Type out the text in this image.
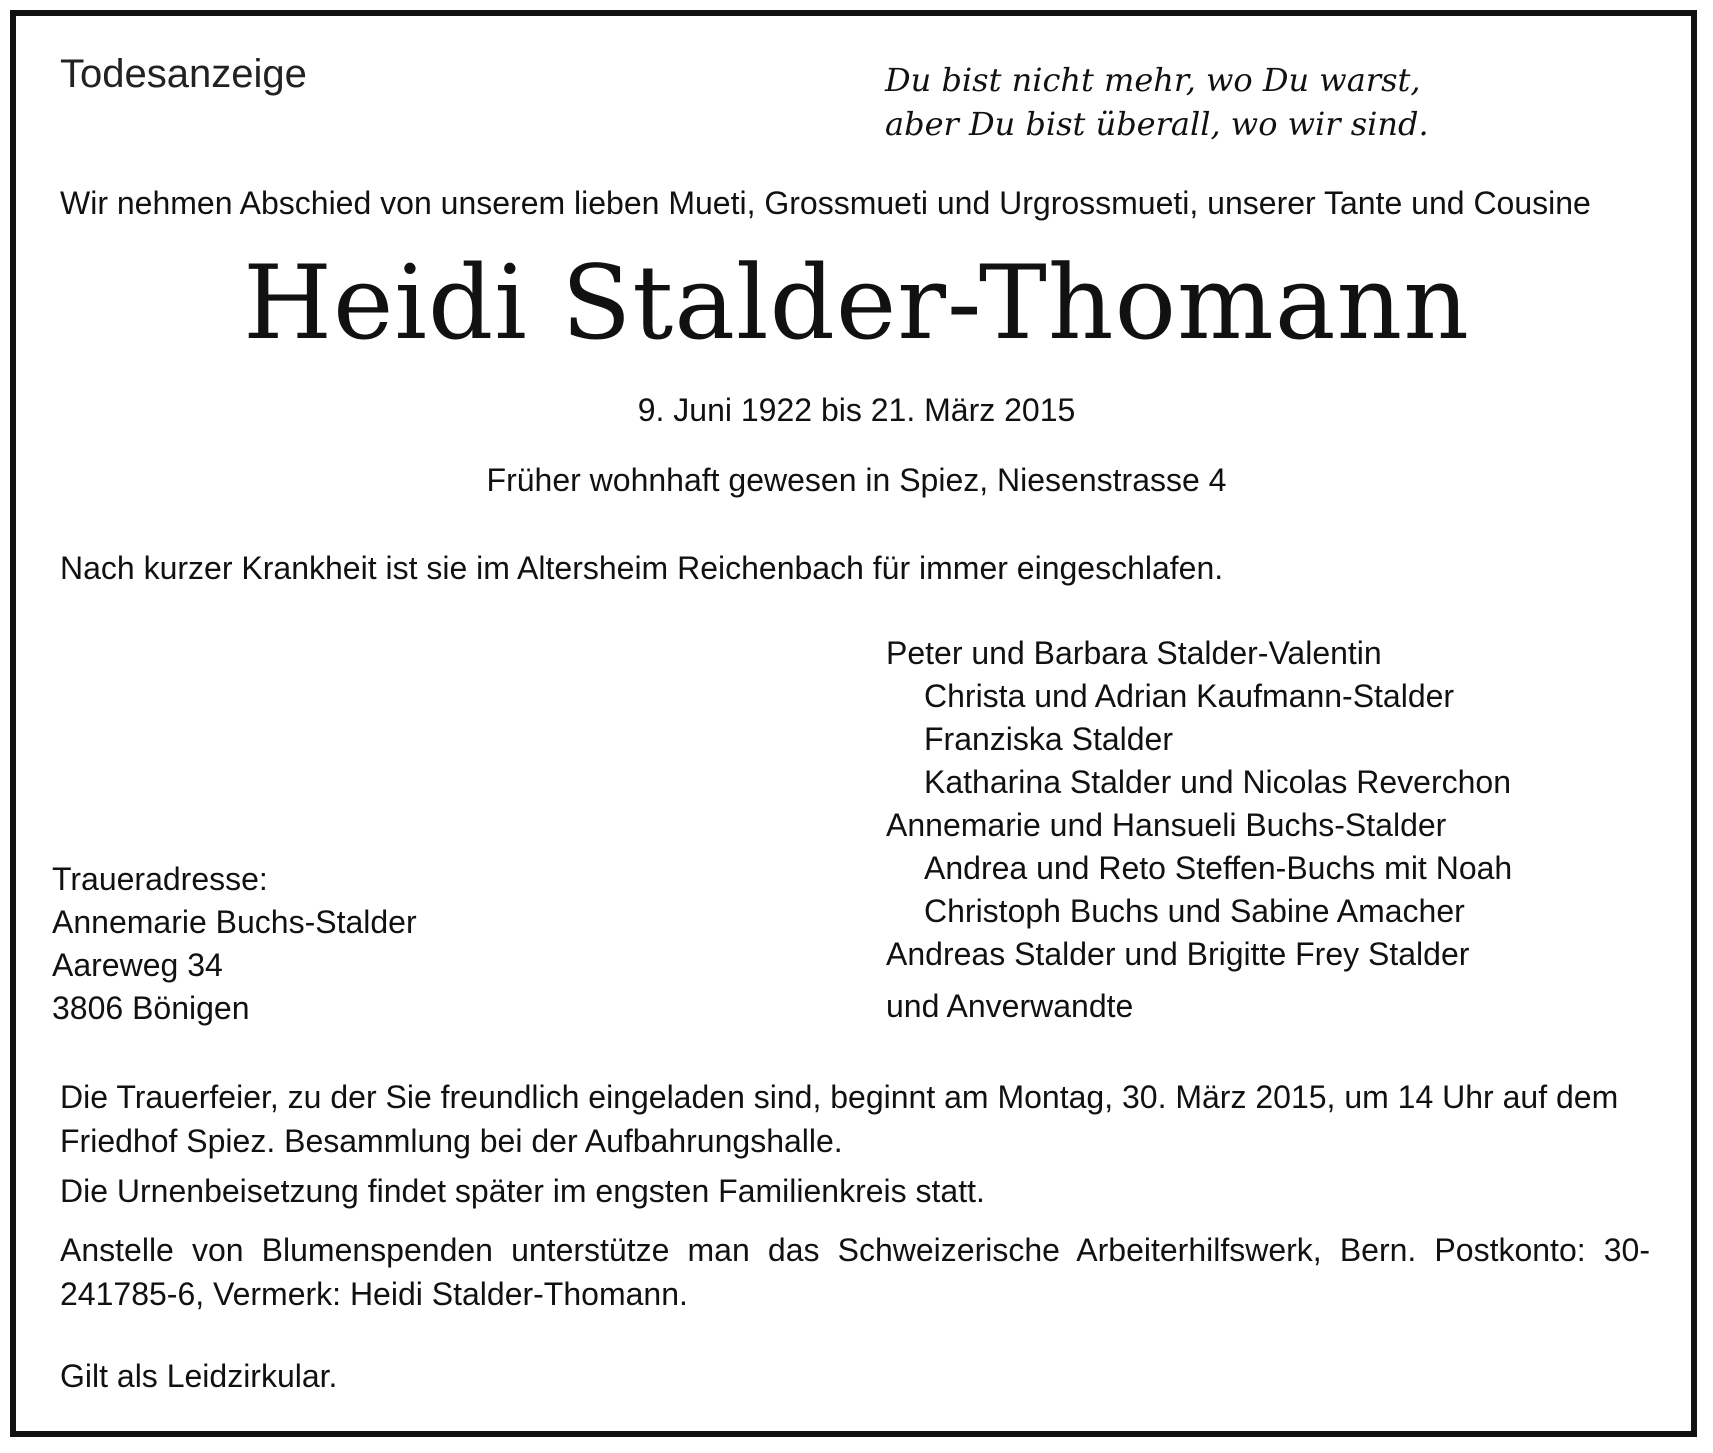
Todesanzeige	Du bist nicht mehr, wo Du warst,
aber Du bist überall, wo wir sind.
Wir nehmen Abschied von unserem lieben Mueti, Grossmueti und Urgrossmueti, unserer Tante und Cousine
Heidi Stalder-Thomann
9. Juni 1922 bis 21. März 2015
Früher wohnhaft gewesen in Spiez, Niesenstrasse 4
Nach kurzer Krankheit ist sie im Altersheim Reichenbach für immer eingeschlafen.
Traueradresse:
Annemarie Buchs-Stalder
Aareweg 34
3806 Bönigen
Peter und Barbara Stalder-Valentin
Christa und Adrian Kaufmann-Stalder
Franziska Stalder
Katharina Stalder und Nicolas Reverchon
Annemarie und Hansueli Buchs-Stalder
Andrea und Reto Steffen-Buchs mit Noah
Christoph Buchs und Sabine Amacher
Andreas Stalder und Brigitte Frey Stalder
und Anverwandte
Die Trauerfeier, zu der Sie freundlich eingeladen sind, beginnt am Montag, 30. März 2015, um 14 Uhr auf dem Friedhof Spiez. Besammlung bei der Aufbahrungshalle.
Die Urnenbeisetzung findet später im engsten Familienkreis statt.
Anstelle von Blumenspenden unterstütze man das Schweizerische Arbeiterhilfswerk, Bern. Postkonto: 30-241785-6, Vermerk: Heidi Stalder-Thomann.
Gilt als Leidzirkular.
